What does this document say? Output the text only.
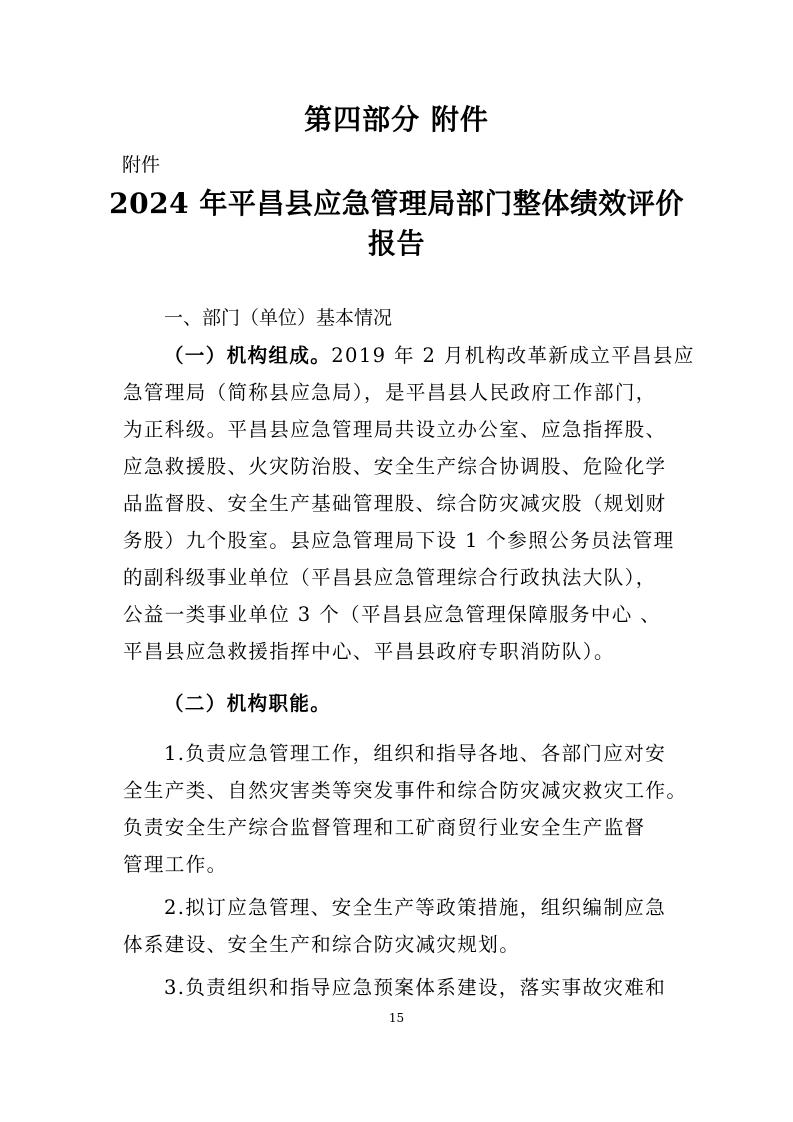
第四部分 附件
附件
2024 年平昌县应急管理局部门整体绩效评价
报告
一、部门（单位）基本情况
（一）机构组成。2019 年 2 月机构改革新成立平昌县应
急管理局（简称县应急局），是平昌县人民政府工作部门，
为正科级。平昌县应急管理局共设立办公室、应急指挥股、
应急救援股、火灾防治股、安全生产综合协调股、危险化学
品监督股、安全生产基础管理股、综合防灾减灾股（规划财
务股）九个股室。县应急管理局下设 1 个参照公务员法管理
的副科级事业单位（平昌县应急管理综合行政执法大队），
公益一类事业单位 3 个（平昌县应急管理保障服务中心 、
平昌县应急救援指挥中心、平昌县政府专职消防队）。
（二）机构职能。
1.负责应急管理工作，组织和指导各地、各部门应对安
全生产类、自然灾害类等突发事件和综合防灾减灾救灾工作。
负责安全生产综合监督管理和工矿商贸行业安全生产监督
管理工作。
2.拟订应急管理、安全生产等政策措施，组织编制应急
体系建设、安全生产和综合防灾减灾规划。
3.负责组织和指导应急预案体系建设，落实事故灾难和
15
